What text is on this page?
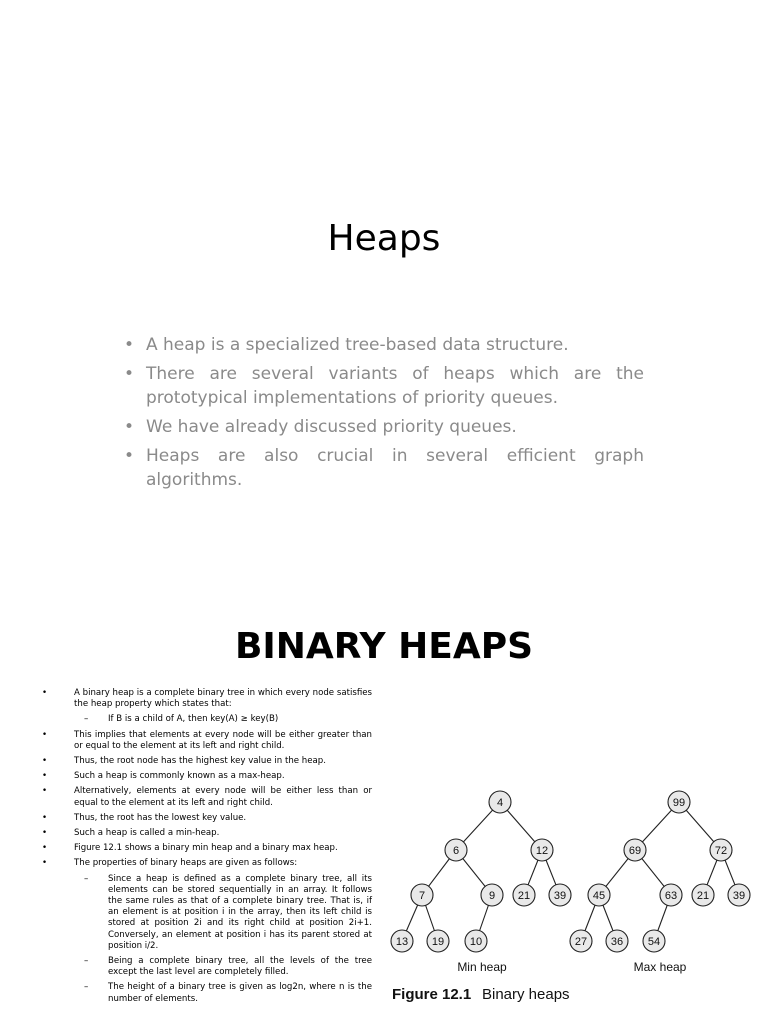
Heaps
• A heap is a specialized tree-based data structure.
• There are several variants of heaps which are the prototypical implementations of priority queues.
• We have already discussed priority queues.
• Heaps are also crucial in several efficient graph algorithms.
BINARY HEAPS
• A binary heap is a complete binary tree in which every node satisfies the heap property which states that:
– If B is a child of A, then key(A) ≥ key(B)
• This implies that elements at every node will be either greater than or equal to the element at its left and right child.
• Thus, the root node has the highest key value in the heap.
• Such a heap is commonly known as a max-heap.
• Alternatively, elements at every node will be either less than or equal to the element at its left and right child.
• Thus, the root has the lowest key value.
• Such a heap is called a min-heap.
• Figure 12.1 shows a binary min heap and a binary max heap.
• The properties of binary heaps are given as follows:
– Since a heap is defined as a complete binary tree, all its elements can be stored sequentially in an array. It follows the same rules as that of a complete binary tree. That is, if an element is at position i in the array, then its left child is stored at position 2i and its right child at position 2i+1. Conversely, an element at position i has its parent stored at position i/2.
– Being a complete binary tree, all the levels of the tree except the last level are completely filled.
– The height of a binary tree is given as log2n, where n is the number of elements.
4
6	12
7	9 21 39
13 19 10
99
69	72
45	63 21 39
27 36 54
Min heap	Max heap
Figure 12.1 Binary heaps
